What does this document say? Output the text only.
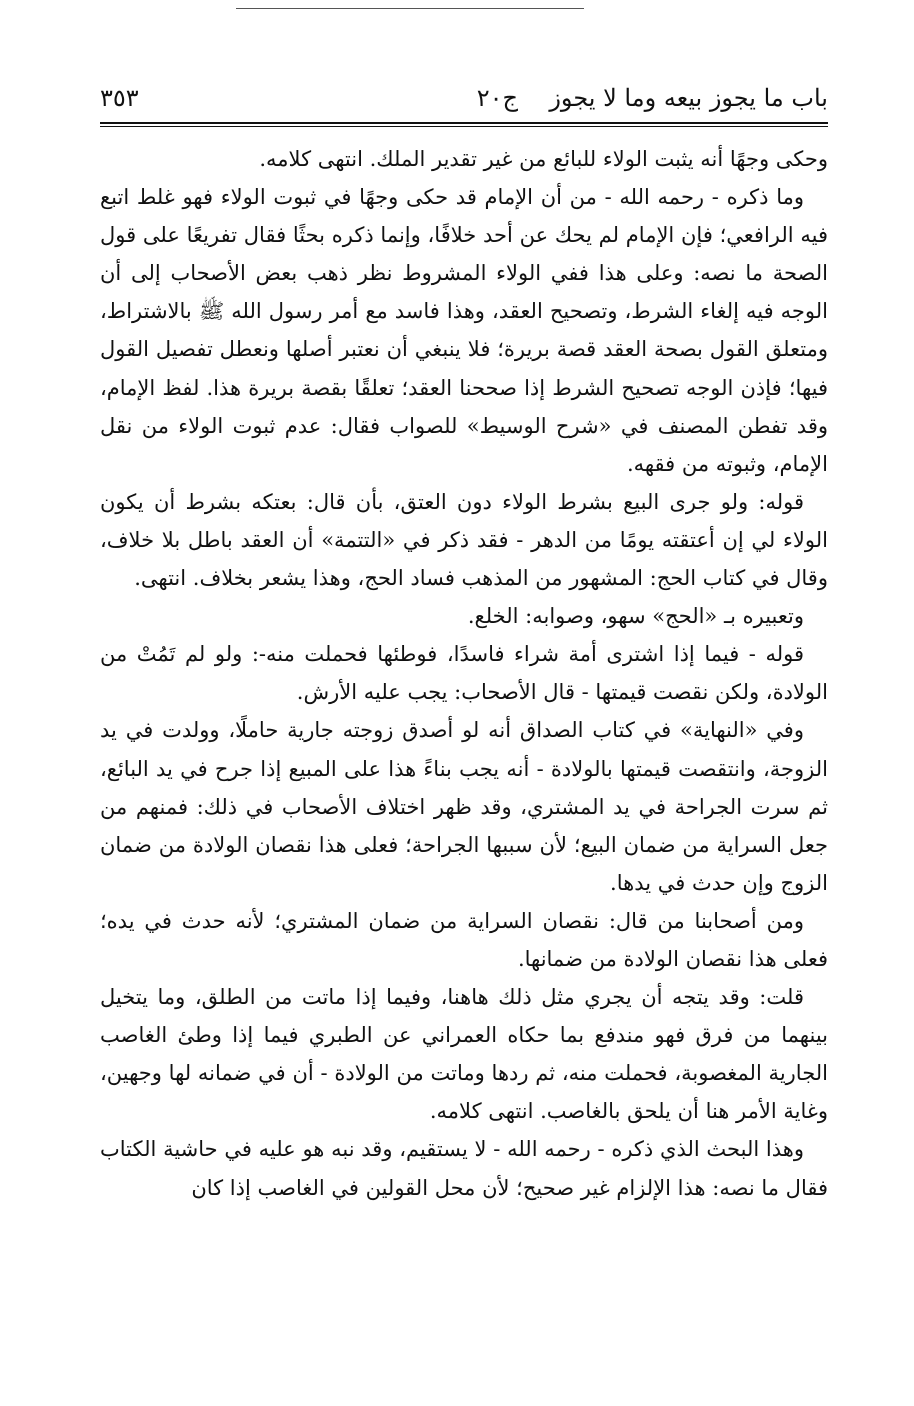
باب ما يجوز بيعه وما لا يجوز
ج٢٠
٣٥٣

وحكى وجهًا أنه يثبت الولاء للبائع من غير تقدير الملك. انتهى كلامه.

وما ذكره - رحمه الله - من أن الإمام قد حكى وجهًا في ثبوت الولاء فهو غلط اتبع فيه الرافعي؛ فإن الإمام لم يحك عن أحد خلافًا، وإنما ذكره بحثًا فقال تفريعًا على قول الصحة ما نصه: وعلى هذا ففي الولاء المشروط نظر ذهب بعض الأصحاب إلى أن الوجه فيه إلغاء الشرط، وتصحيح العقد، وهذا فاسد مع أمر رسول الله ﷺ بالاشتراط، ومتعلق القول بصحة العقد قصة بريرة؛ فلا ينبغي أن نعتبر أصلها ونعطل تفصيل القول فيها؛ فإذن الوجه تصحيح الشرط إذا صححنا العقد؛ تعلقًا بقصة بريرة هذا. لفظ الإمام، وقد تفطن المصنف في «شرح الوسيط» للصواب فقال: عدم ثبوت الولاء من نقل الإمام، وثبوته من فقهه.

قوله: ولو جرى البيع بشرط الولاء دون العتق، بأن قال: بعتكه بشرط أن يكون الولاء لي إن أعتقته يومًا من الدهر - فقد ذكر في «التتمة» أن العقد باطل بلا خلاف، وقال في كتاب الحج: المشهور من المذهب فساد الحج، وهذا يشعر بخلاف. انتهى.

وتعبيره بـ «الحج» سهو، وصوابه: الخلع.

قوله - فيما إذا اشترى أمة شراء فاسدًا، فوطئها فحملت منه-: ولو لم تَمُتْ من الولادة، ولكن نقصت قيمتها - قال الأصحاب: يجب عليه الأرش.

وفي «النهاية» في كتاب الصداق أنه لو أصدق زوجته جارية حاملًا، وولدت في يد الزوجة، وانتقصت قيمتها بالولادة - أنه يجب بناءً هذا على المبيع إذا جرح في يد البائع، ثم سرت الجراحة في يد المشتري، وقد ظهر اختلاف الأصحاب في ذلك: فمنهم من جعل السراية من ضمان البيع؛ لأن سببها الجراحة؛ فعلى هذا نقصان الولادة من ضمان الزوج وإن حدث في يدها.

ومن أصحابنا من قال: نقصان السراية من ضمان المشتري؛ لأنه حدث في يده؛ فعلى هذا نقصان الولادة من ضمانها.

قلت: وقد يتجه أن يجري مثل ذلك هاهنا، وفيما إذا ماتت من الطلق، وما يتخيل بينهما من فرق فهو مندفع بما حكاه العمراني عن الطبري فيما إذا وطئ الغاصب الجارية المغصوبة، فحملت منه، ثم ردها وماتت من الولادة - أن في ضمانه لها وجهين، وغاية الأمر هنا أن يلحق بالغاصب. انتهى كلامه.

وهذا البحث الذي ذكره - رحمه الله - لا يستقيم، وقد نبه هو عليه في حاشية الكتاب فقال ما نصه: هذا الإلزام غير صحيح؛ لأن محل القولين في الغاصب إذا كان
